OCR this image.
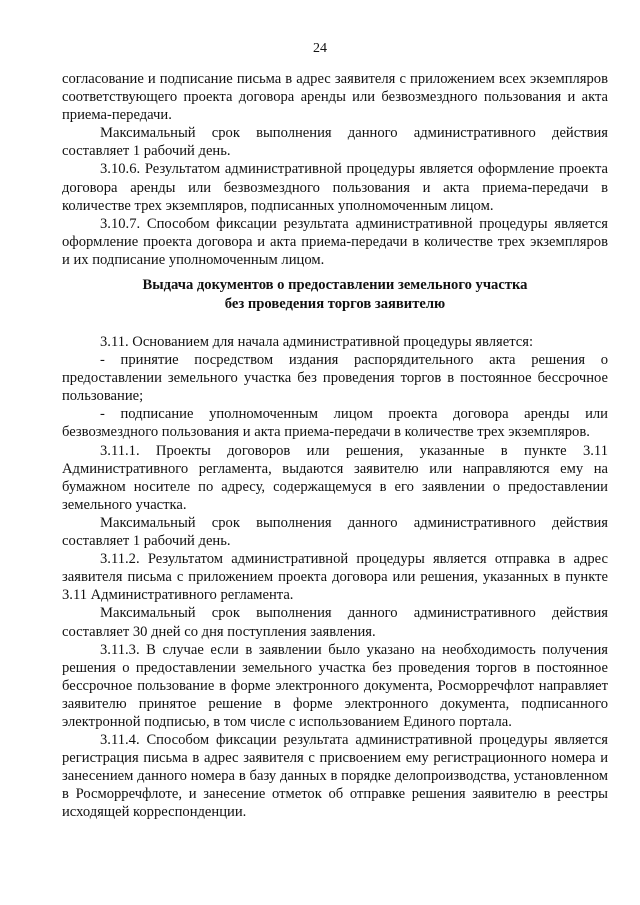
24

согласование и подписание письма в адрес заявителя с приложением всех экземпляров соответствующего проекта договора аренды или безвозмездного пользования и акта приема-передачи.

Максимальный срок выполнения данного административного действия составляет 1 рабочий день.

3.10.6. Результатом административной процедуры является оформление проекта договора аренды или безвозмездного пользования и акта приема-передачи в количестве трех экземпляров, подписанных уполномоченным лицом.

3.10.7. Способом фиксации результата административной процедуры является оформление проекта договора и акта приема-передачи в количестве трех экземпляров и их подписание уполномоченным лицом.

Выдача документов о предоставлении земельного участка
без проведения торгов заявителю

3.11. Основанием для начала административной процедуры является:

- принятие посредством издания распорядительного акта решения о предоставлении земельного участка без проведения торгов в постоянное бессрочное пользование;

- подписание уполномоченным лицом проекта договора аренды или безвозмездного пользования и акта приема-передачи в количестве трех экземпляров.

3.11.1. Проекты договоров или решения, указанные в пункте 3.11 Административного регламента, выдаются заявителю или направляются ему на бумажном носителе по адресу, содержащемуся в его заявлении о предоставлении земельного участка.

Максимальный срок выполнения данного административного действия составляет 1 рабочий день.

3.11.2. Результатом административной процедуры является отправка в адрес заявителя письма с приложением проекта договора или решения, указанных в пункте 3.11 Административного регламента.

Максимальный срок выполнения данного административного действия составляет 30 дней со дня поступления заявления.

3.11.3. В случае если в заявлении было указано на необходимость получения решения о предоставлении земельного участка без проведения торгов в постоянное бессрочное пользование в форме электронного документа, Росморречфлот направляет заявителю принятое решение в форме электронного документа, подписанного электронной подписью, в том числе с использованием Единого портала.

3.11.4. Способом фиксации результата административной процедуры является регистрация письма в адрес заявителя с присвоением ему регистрационного номера и занесением данного номера в базу данных в порядке делопроизводства, установленном в Росморречфлоте, и занесение отметок об отправке решения заявителю в реестры исходящей корреспонденции.
